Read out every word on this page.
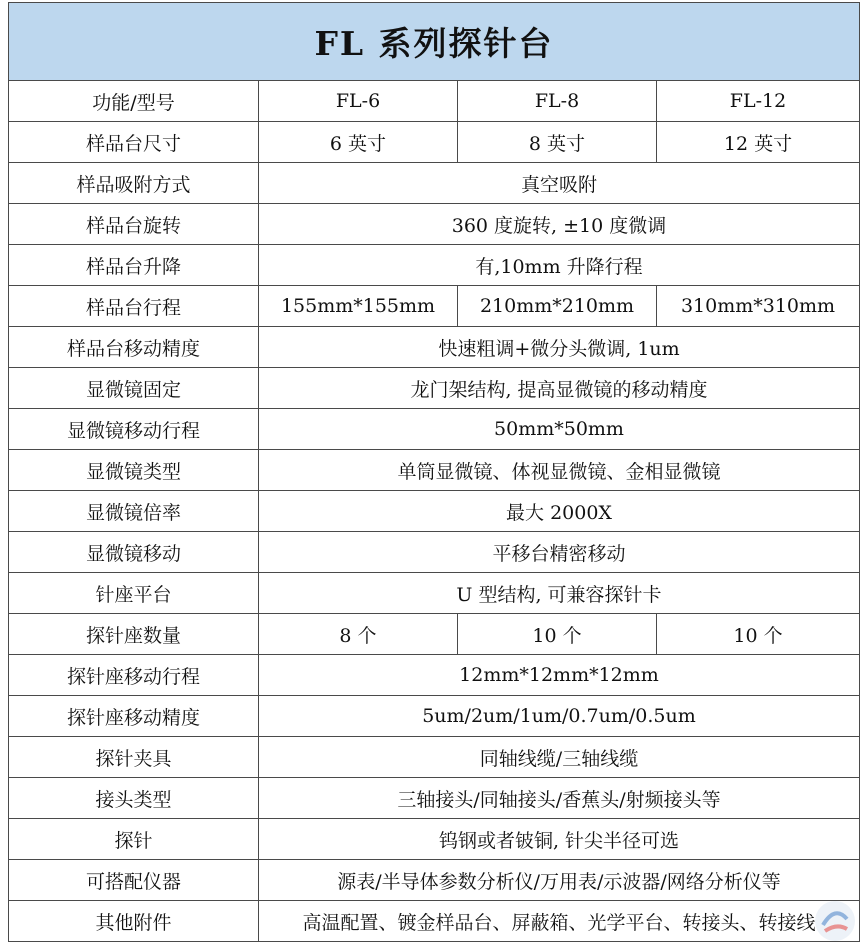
FL 系列探针台			
功能/型号	FL-6	FL-8	FL-12
样品台尺寸	6 英寸	8 英寸	12 英寸
样品吸附方式	真空吸附		
样品台旋转	360 度旋转, ±10 度微调		
样品台升降	有,10mm 升降行程		
样品台行程	155mm*155mm	210mm*210mm	310mm*310mm
样品台移动精度	快速粗调+微分头微调, 1um		
显微镜固定	龙门架结构, 提高显微镜的移动精度		
显微镜移动行程	50mm*50mm		
显微镜类型	单筒显微镜、体视显微镜、金相显微镜		
显微镜倍率	最大 2000X		
显微镜移动	平移台精密移动		
针座平台	U 型结构, 可兼容探针卡		
探针座数量	8 个	10 个	10 个
探针座移动行程	12mm*12mm*12mm		
探针座移动精度	5um/2um/1um/0.7um/0.5um		
探针夹具	同轴线缆/三轴线缆		
接头类型	三轴接头/同轴接头/香蕉头/射频接头等		
探针	钨钢或者铍铜, 针尖半径可选		
可搭配仪器	源表/半导体参数分析仪/万用表/示波器/网络分析仪等		
其他附件	高温配置、镀金样品台、屏蔽箱、光学平台、转接头、转接线		
